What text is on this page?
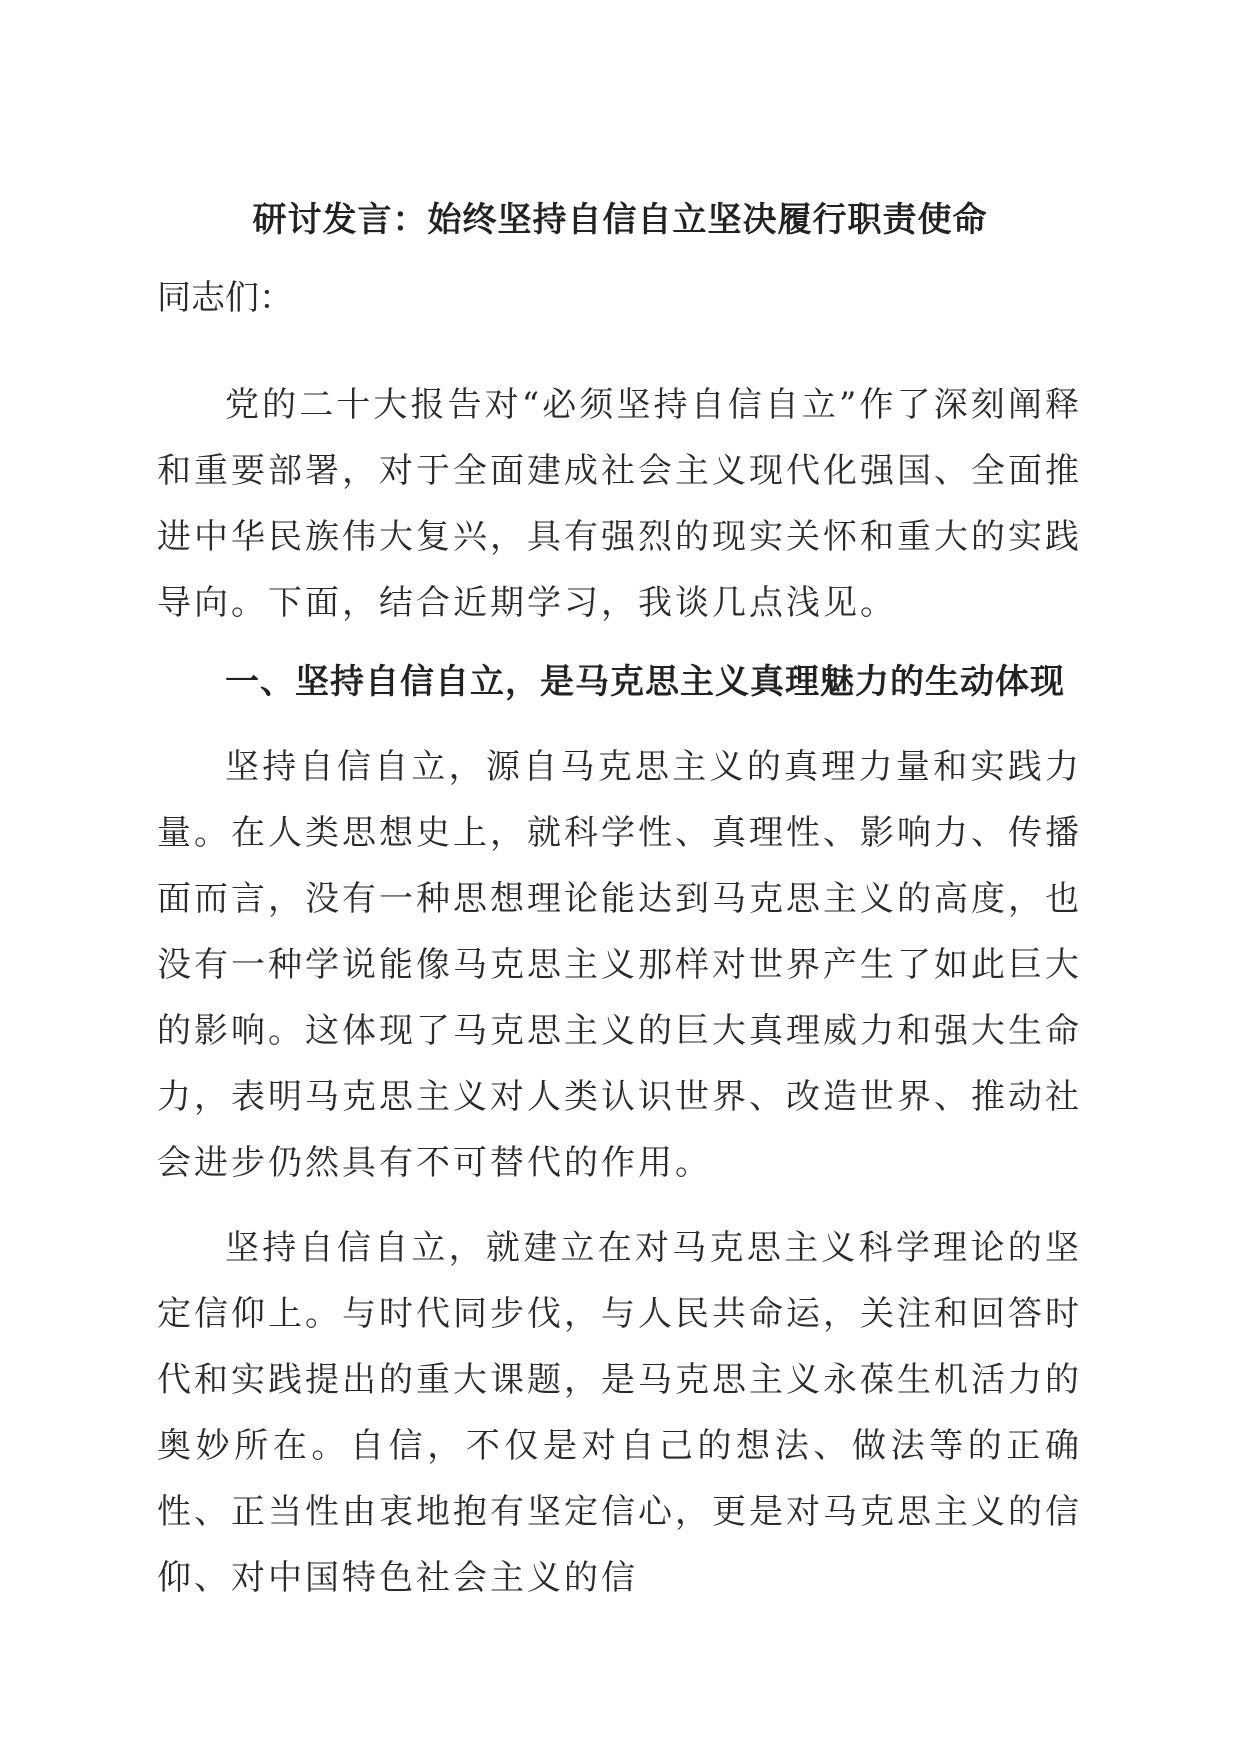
研讨发言：始终坚持自信自立坚决履行职责使命

同志们：

党的二十大报告对“必须坚持自信自立”作了深刻阐释和重要部署，对于全面建成社会主义现代化强国、全面推进中华民族伟大复兴，具有强烈的现实关怀和重大的实践导向。下面，结合近期学习，我谈几点浅见。

一、坚持自信自立，是马克思主义真理魅力的生动体现

坚持自信自立，源自马克思主义的真理力量和实践力量。在人类思想史上，就科学性、真理性、影响力、传播面而言，没有一种思想理论能达到马克思主义的高度，也没有一种学说能像马克思主义那样对世界产生了如此巨大的影响。这体现了马克思主义的巨大真理威力和强大生命力，表明马克思主义对人类认识世界、改造世界、推动社会进步仍然具有不可替代的作用。

坚持自信自立，就建立在对马克思主义科学理论的坚定信仰上。与时代同步伐，与人民共命运，关注和回答时代和实践提出的重大课题，是马克思主义永葆生机活力的奥妙所在。自信，不仅是对自己的想法、做法等的正确性、正当性由衷地抱有坚定信心，更是对马克思主义的信仰、对中国特色社会主义的信
